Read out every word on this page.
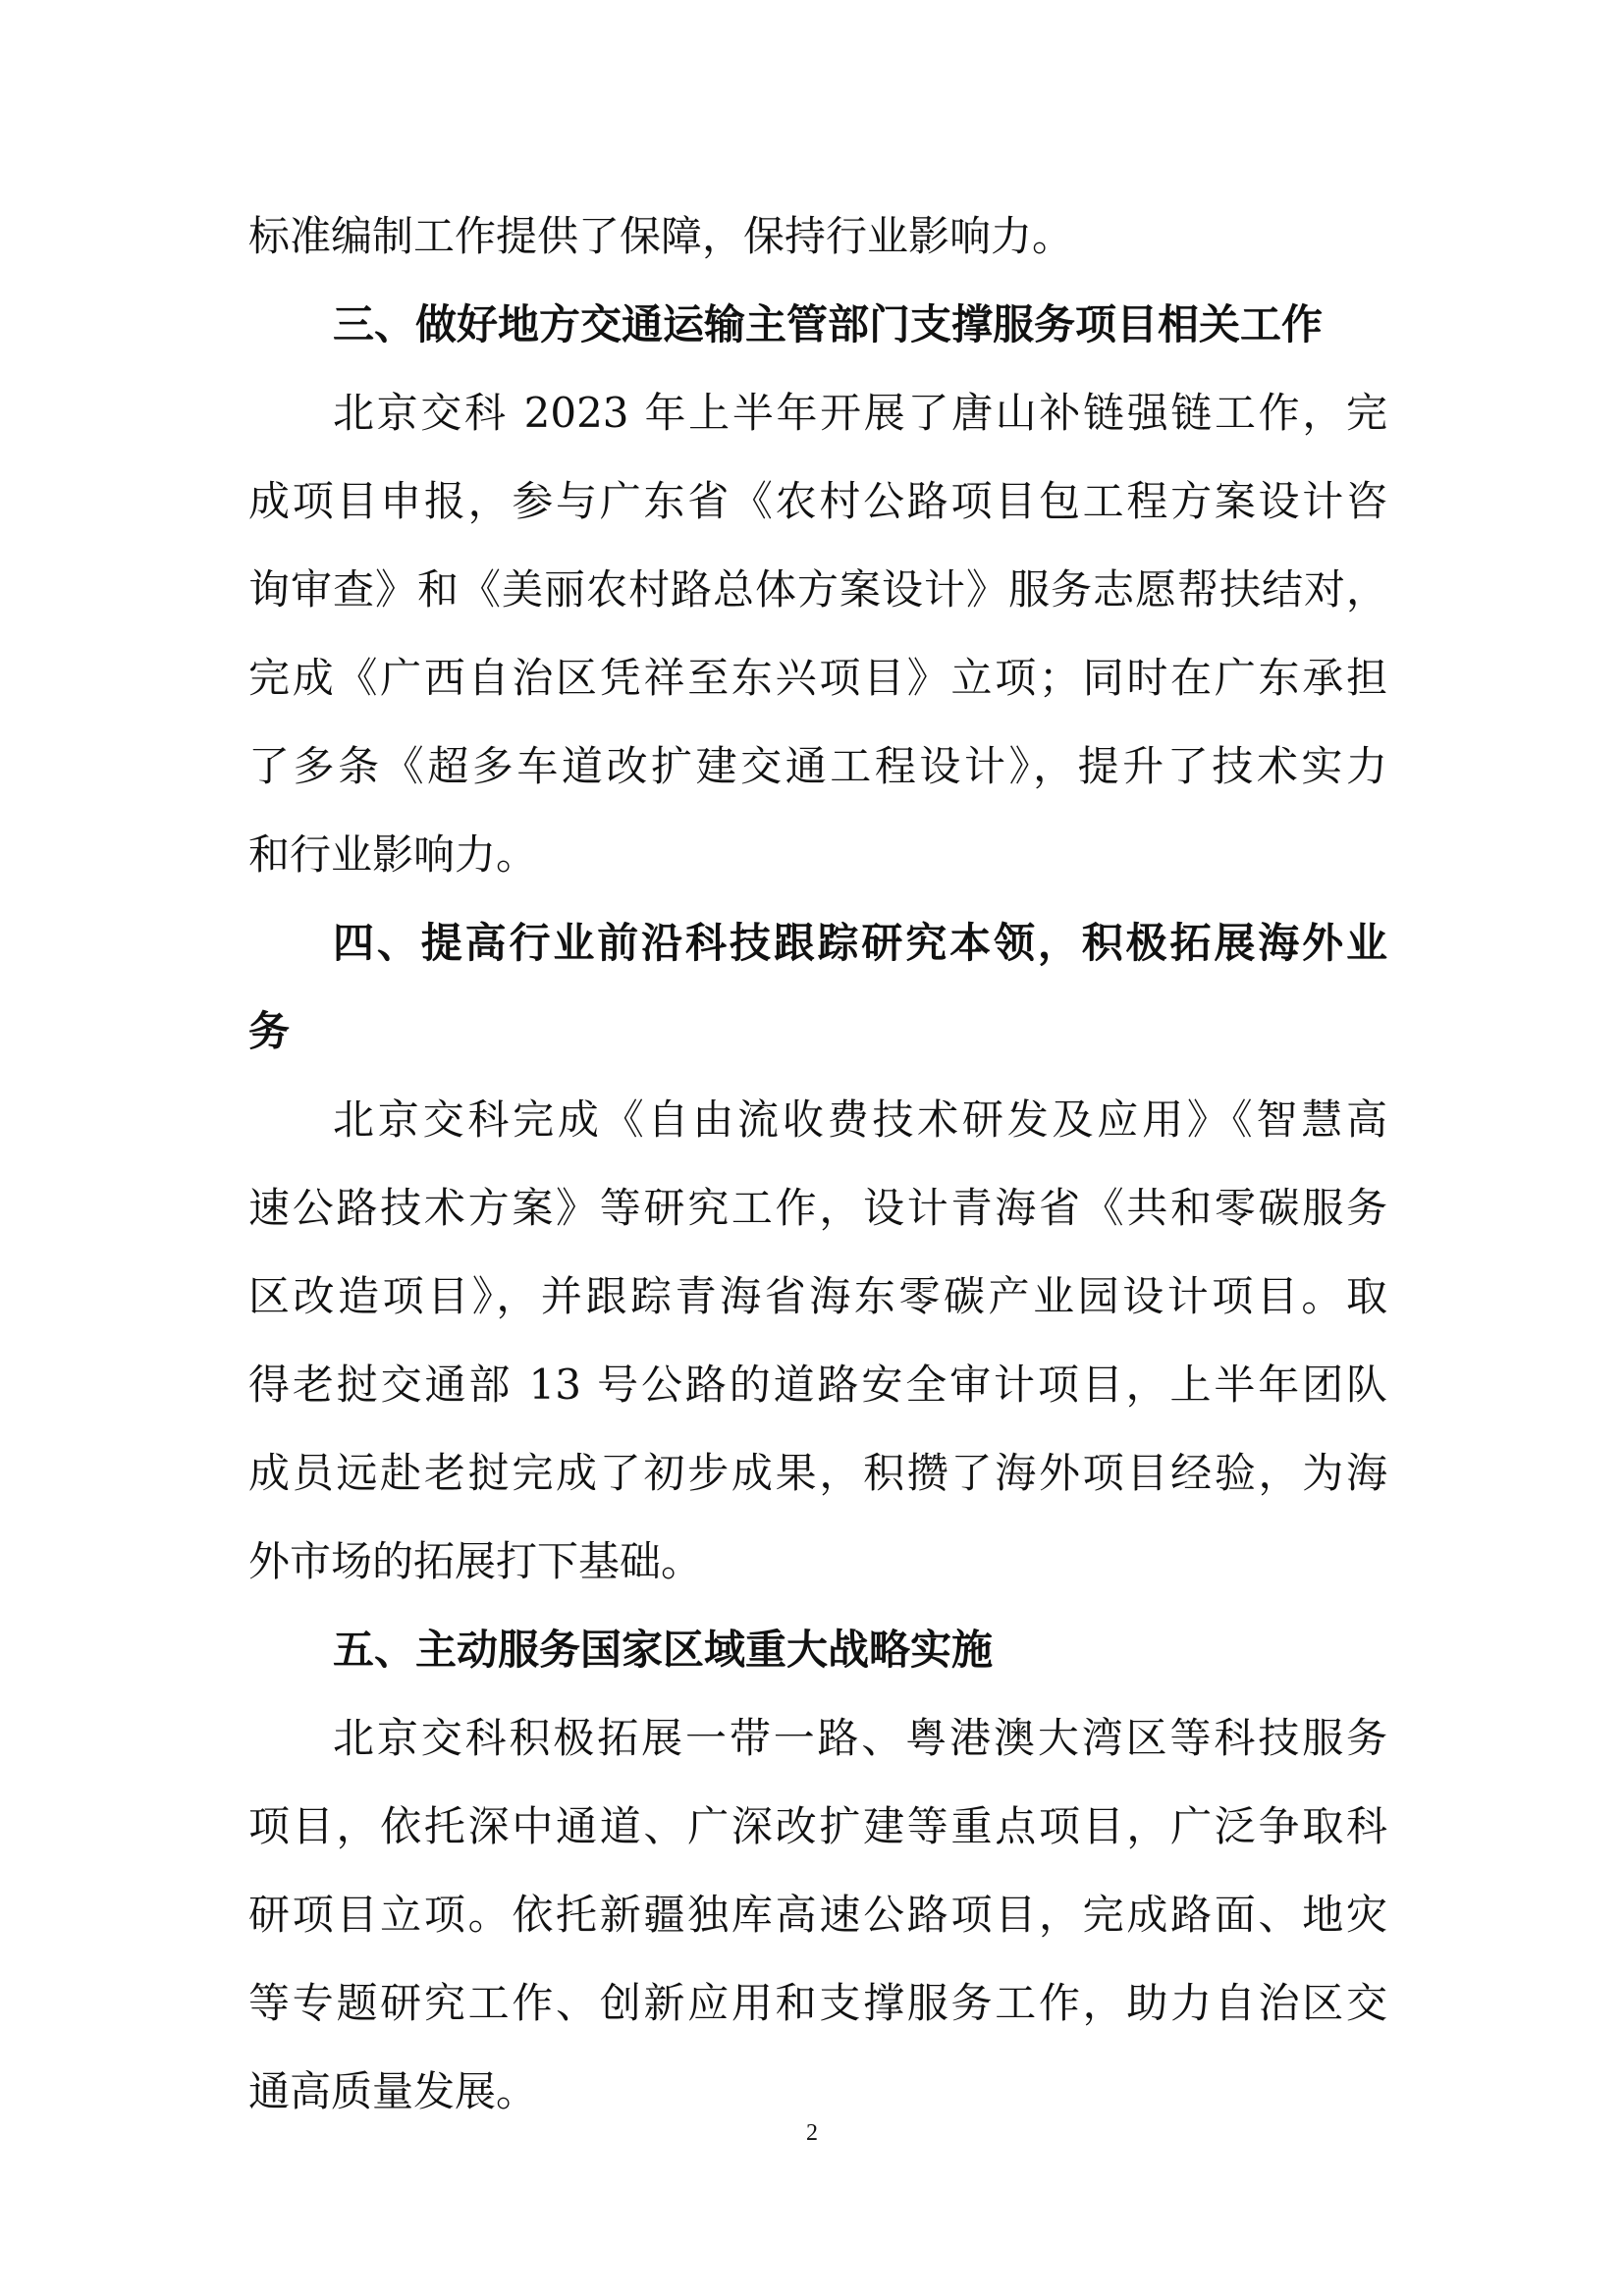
标准编制工作提供了保障，保持行业影响力。
三、做好地方交通运输主管部门支撑服务项目相关工作
北京交科 2023 年上半年开展了唐山补链强链工作，完
成项目申报，参与广东省《农村公路项目包工程方案设计咨
询审查》和《美丽农村路总体方案设计》服务志愿帮扶结对，
完成《广西自治区凭祥至东兴项目》立项；同时在广东承担
了多条《超多车道改扩建交通工程设计》，提升了技术实力
和行业影响力。
四、提高行业前沿科技跟踪研究本领，积极拓展海外业
务
北京交科完成《自由流收费技术研发及应用》《智慧高
速公路技术方案》等研究工作，设计青海省《共和零碳服务
区改造项目》，并跟踪青海省海东零碳产业园设计项目。取
得老挝交通部 13 号公路的道路安全审计项目，上半年团队
成员远赴老挝完成了初步成果，积攒了海外项目经验，为海
外市场的拓展打下基础。
五、主动服务国家区域重大战略实施
北京交科积极拓展一带一路、粤港澳大湾区等科技服务
项目，依托深中通道、广深改扩建等重点项目，广泛争取科
研项目立项。依托新疆独库高速公路项目，完成路面、地灾
等专题研究工作、创新应用和支撑服务工作，助力自治区交
通高质量发展。
2
